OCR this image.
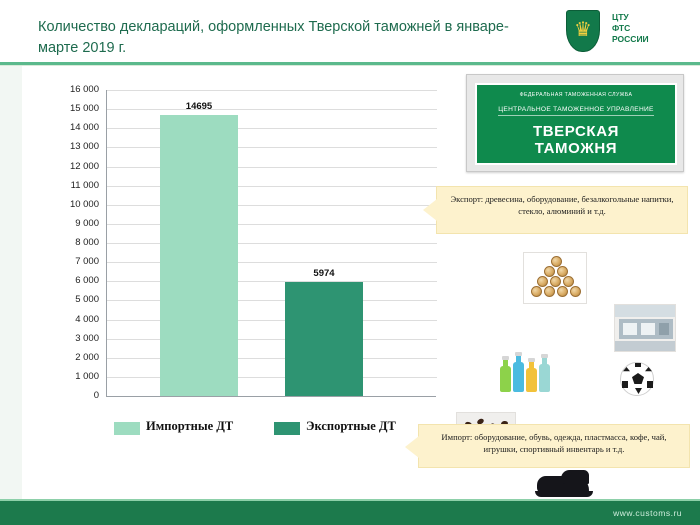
Количество деклараций, оформленных Тверской таможней в январе-марте 2019 г.
♛
ЦТУ
ФТС
РОССИИ
16 000
15 000
14 000
13 000
12 000
11 000
10 000
9 000
8 000
7 000
6 000
5 000
4 000
3 000
2 000
1 000
0
14695
5974
Импортные ДТ	Экспортные ДТ
ФЕДЕРАЛЬНАЯ ТАМОЖЕННАЯ СЛУЖБА
ЦЕНТРАЛЬНОЕ ТАМОЖЕННОЕ УПРАВЛЕНИЕ
ТВЕРСКАЯ
ТАМОЖНЯ
Экспорт: древесина, оборудование, безалкогольные напитки, стекло, алюминий и т.д.
Импорт: оборудование, обувь, одежда, пластмасса, кофе, чай, игрушки, спортивный инвентарь и т.д.
www.customs.ru
